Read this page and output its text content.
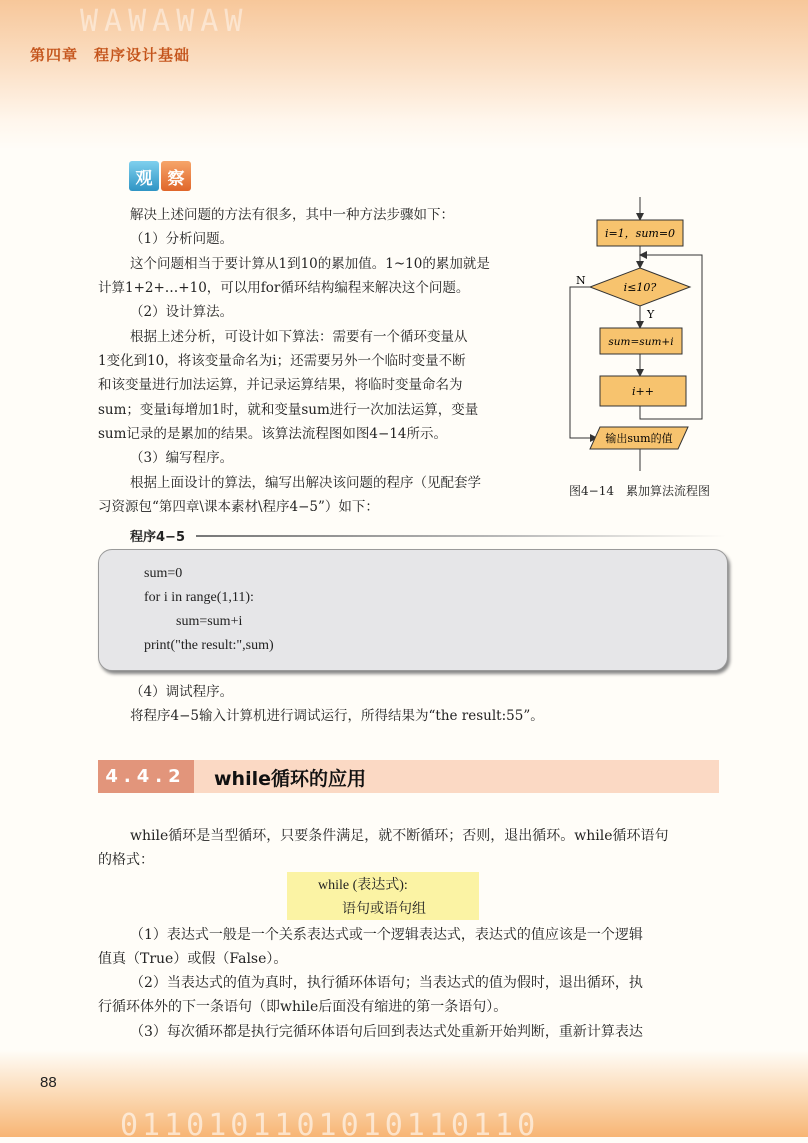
WAWAWAW
第四章　程序设计基础
观 察
解决上述问题的方法有很多，其中一种方法步骤如下：
（1）分析问题。
这个问题相当于要计算从1到10的累加值。1~10的累加就是
计算1+2+…+10，可以用for循环结构编程来解决这个问题。
（2）设计算法。
根据上述分析，可设计如下算法：需要有一个循环变量从
1变化到10，将该变量命名为i；还需要另外一个临时变量不断
和该变量进行加法运算，并记录运算结果，将临时变量命名为
sum；变量i每增加1时，就和变量sum进行一次加法运算，变量
sum记录的是累加的结果。该算法流程图如图4−14所示。
（3）编写程序。
根据上面设计的算法，编写出解决该问题的程序（见配套学
习资源包“第四章\课本素材\程序4−5”）如下：
i=1，sum=0
i≤10?
N
Y
sum=sum+i
i++
输出sum的值
图4−14　累加算法流程图
程序4−5
sum=0
for i in range(1,11):
sum=sum+i
print("the result:",sum)
（4）调试程序。
将程序4−5输入计算机进行调试运行，所得结果为“the result:55”。
4.4.2	while循环的应用
while循环是当型循环，只要条件满足，就不断循环；否则，退出循环。while循环语句
的格式：
while (表达式):
语句或语句组
（1）表达式一般是一个关系表达式或一个逻辑表达式，表达式的值应该是一个逻辑
值真（True）或假（False）。
（2）当表达式的值为真时，执行循环体语句；当表达式的值为假时，退出循环，执
行循环体外的下一条语句（即while后面没有缩进的第一条语句）。
（3）每次循环都是执行完循环体语句后回到表达式处重新开始判断，重新计算表达
0110101101010110110
88
